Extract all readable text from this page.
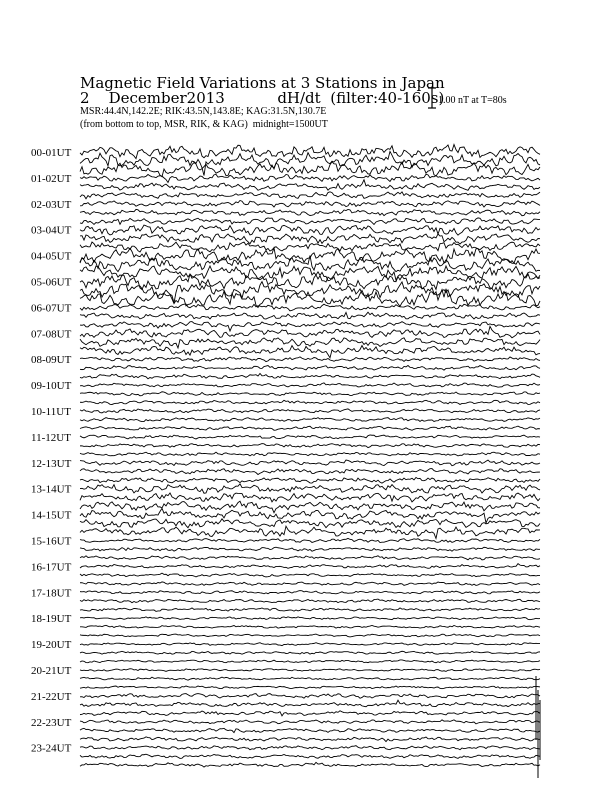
Magnetic Field Variations at 3 Stations in Japan
2 December2013	dH/dt (filter:40-160s)
MSR:44.4N,142.2E; RIK:43.5N,143.8E; KAG:31.5N,130.7E
(from bottom to top, MSR, RIK, & KAG) midnight=1500UT
1.00 nT at T=80s
00-01UT
01-02UT
02-03UT
03-04UT
04-05UT
05-06UT
06-07UT
07-08UT
08-09UT
09-10UT
10-11UT
11-12UT
12-13UT
13-14UT
14-15UT
15-16UT
16-17UT
17-18UT
18-19UT
19-20UT
20-21UT
21-22UT
22-23UT
23-24UT
